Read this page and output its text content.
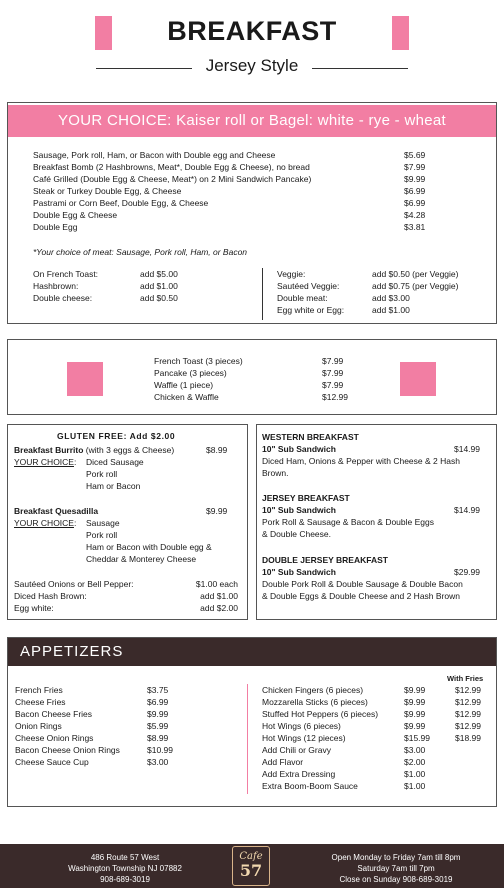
BREAKFAST
Jersey Style
YOUR CHOICE: Kaiser roll or Bagel: white - rye - wheat
Sausage, Pork roll, Ham, or Bacon with Double egg and Cheese	$5.69
Breakfast Bomb (2 Hashbrowns, Meat*, Double Egg & Cheese), no bread	$7.99
Café Grilled (Double Egg & Cheese, Meat*) on 2 Mini Sandwich Pancake)	$9.99
Steak or Turkey Double Egg, & Cheese	$6.99
Pastrami or Corn Beef, Double Egg, & Cheese	$6.99
Double Egg & Cheese	$4.28
Double Egg	$3.81
*Your choice of meat: Sausage, Pork roll, Ham, or Bacon
On French Toast:	add $5.00
Hashbrown:	add $1.00
Double cheese:	add $0.50
Veggie:	add $0.50 (per Veggie)
Sautéed Veggie:	add $0.75 (per Veggie)
Double meat:	add $3.00
Egg white or Egg:	add $1.00
French Toast (3 pieces)	$7.99
Pancake (3 pieces)	$7.99
Waffle (1 piece)	$7.99
Chicken & Waffle	$12.99
GLUTEN FREE: Add $2.00
Breakfast Burrito (with 3 eggs & Cheese)	$8.99
YOUR CHOICE: Diced Sausage
Pork roll
Ham or Bacon
Breakfast Quesadilla	$9.99
YOUR CHOICE: Sausage
Pork roll
Ham or Bacon with Double egg &
Cheddar & Monterey Cheese
Sautéed Onions or Bell Pepper:	$1.00 each
Diced Hash Brown:	add $1.00
Egg white:	add $2.00
WESTERN BREAKFAST
10" Sub Sandwich	$14.99
Diced Ham, Onions & Pepper with Cheese & 2 Hash
Brown.
JERSEY BREAKFAST
10" Sub Sandwich	$14.99
Pork Roll & Sausage & Bacon & Double Eggs
& Double Cheese.
DOUBLE JERSEY BREAKFAST
10" Sub Sandwich	$29.99
Double Pork Roll & Double Sausage & Double Bacon
& Double Eggs & Double Cheese and 2 Hash Brown
APPETIZERS
With Fries
French Fries	$3.75
Cheese Fries	$6.99
Bacon Cheese Fries	$9.99
Onion Rings	$5.99
Cheese Onion Rings	$8.99
Bacon Cheese Onion Rings	$10.99
Cheese Sauce Cup	$3.00
Chicken Fingers (6 pieces)	$9.99	$12.99
Mozzarella Sticks (6 pieces)	$9.99	$12.99
Stuffed Hot Peppers (6 pieces)	$9.99	$12.99
Hot Wings (6 pieces)	$9.99	$12.99
Hot Wings (12 pieces)	$15.99	$18.99
Add Chili or Gravy	$3.00
Add Flavor	$2.00
Add Extra Dressing	$1.00
Extra Boom-Boom Sauce	$1.00
486 Route 57 West
Washington Township NJ 07882
908-689-3019
Cafe
57
Open Monday to Friday 7am till 8pm
Saturday 7am till 7pm
Close on Sunday 908-689-3019
